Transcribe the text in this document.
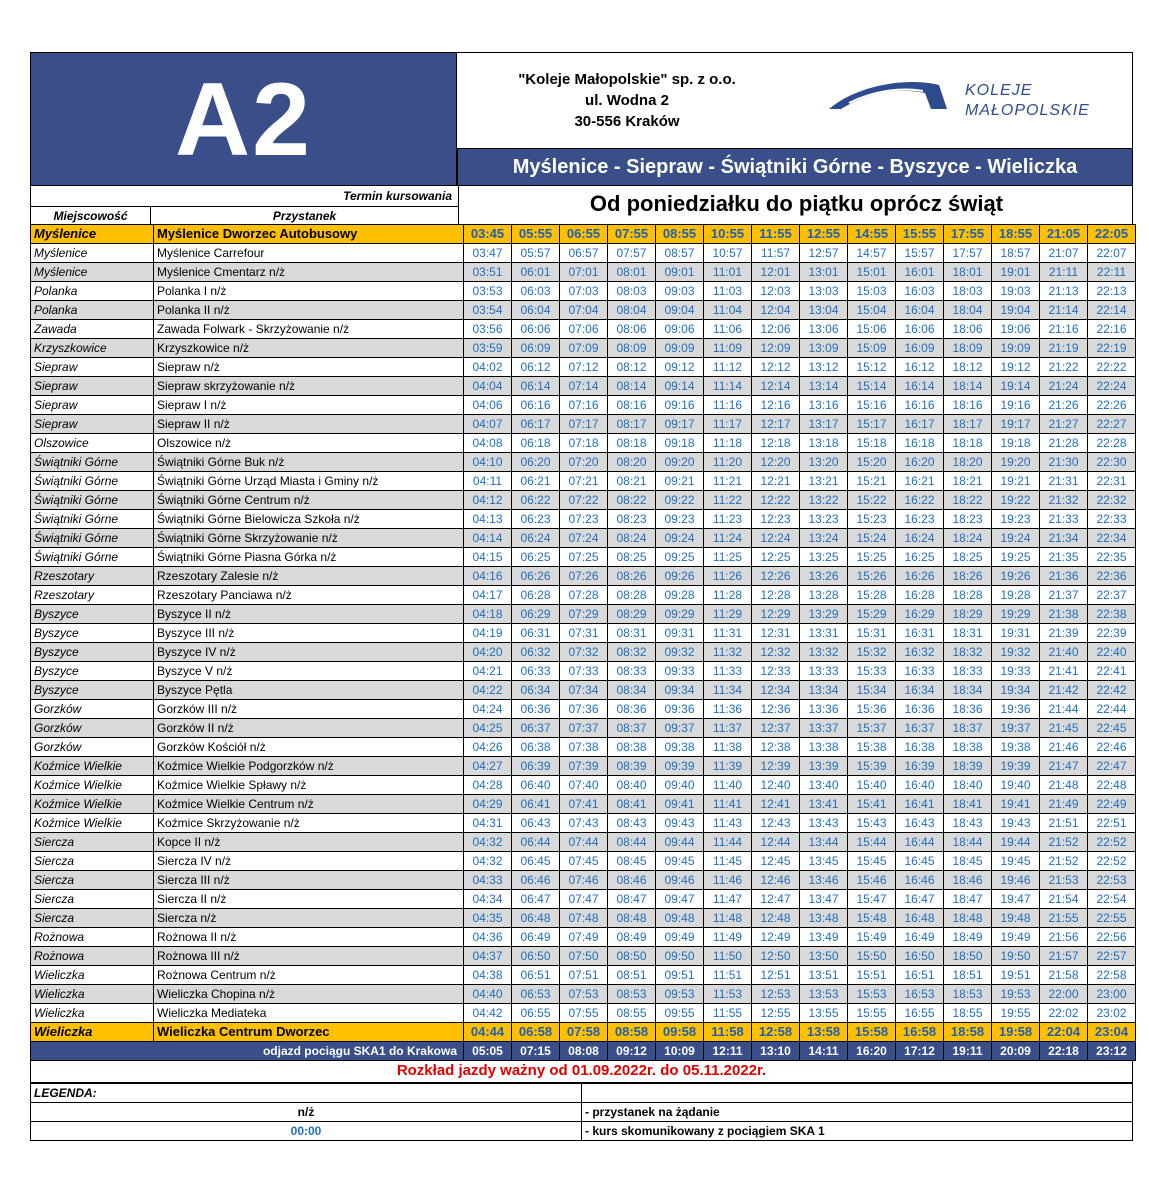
A2	"Koleje Małopolskie" sp. z o.o.
ul. Wodna 2
30-556 Kraków
KOLEJE
MAŁOPOLSKIE
Myślenice - Siepraw - Świątniki Górne - Byszyce - Wieliczka
Termin kursowania
Miejscowość	Przystanek	Od poniedziałku do piątku oprócz świąt
Myślenice	Myślenice Dworzec Autobusowy	03:45	05:55	06:55	07:55	08:55	10:55	11:55	12:55	14:55	15:55	17:55	18:55	21:05	22:05
Myślenice	Myślenice Carrefour	03:47	05:57	06:57	07:57	08:57	10:57	11:57	12:57	14:57	15:57	17:57	18:57	21:07	22:07
Myślenice	Myślenice Cmentarz n/ż	03:51	06:01	07:01	08:01	09:01	11:01	12:01	13:01	15:01	16:01	18:01	19:01	21:11	22:11
Polanka	Polanka I n/ż	03:53	06:03	07:03	08:03	09:03	11:03	12:03	13:03	15:03	16:03	18:03	19:03	21:13	22:13
Polanka	Polanka II n/ż	03:54	06:04	07:04	08:04	09:04	11:04	12:04	13:04	15:04	16:04	18:04	19:04	21:14	22:14
Zawada	Zawada Folwark - Skrzyżowanie n/ż	03:56	06:06	07:06	08:06	09:06	11:06	12:06	13:06	15:06	16:06	18:06	19:06	21:16	22:16
Krzyszkowice	Krzyszkowice n/ż	03:59	06:09	07:09	08:09	09:09	11:09	12:09	13:09	15:09	16:09	18:09	19:09	21:19	22:19
Siepraw	Siepraw n/ż	04:02	06:12	07:12	08:12	09:12	11:12	12:12	13:12	15:12	16:12	18:12	19:12	21:22	22:22
Siepraw	Siepraw skrzyżowanie n/ż	04:04	06:14	07:14	08:14	09:14	11:14	12:14	13:14	15:14	16:14	18:14	19:14	21:24	22:24
Siepraw	Siepraw I n/ż	04:06	06:16	07:16	08:16	09:16	11:16	12:16	13:16	15:16	16:16	18:16	19:16	21:26	22:26
Siepraw	Siepraw II n/ż	04:07	06:17	07:17	08:17	09:17	11:17	12:17	13:17	15:17	16:17	18:17	19:17	21:27	22:27
Olszowice	Olszowice n/ż	04:08	06:18	07:18	08:18	09:18	11:18	12:18	13:18	15:18	16:18	18:18	19:18	21:28	22:28
Świątniki Górne	Świątniki Górne Buk n/ż	04:10	06:20	07:20	08:20	09:20	11:20	12:20	13:20	15:20	16:20	18:20	19:20	21:30	22:30
Świątniki Górne	Świątniki Górne Urząd Miasta i Gminy n/ż	04:11	06:21	07:21	08:21	09:21	11:21	12:21	13:21	15:21	16:21	18:21	19:21	21:31	22:31
Świątniki Górne	Świątniki Górne Centrum n/ż	04:12	06:22	07:22	08:22	09:22	11:22	12:22	13:22	15:22	16:22	18:22	19:22	21:32	22:32
Świątniki Górne	Świątniki Górne Bielowicza Szkoła n/ż	04:13	06:23	07:23	08:23	09:23	11:23	12:23	13:23	15:23	16:23	18:23	19:23	21:33	22:33
Świątniki Górne	Świątniki Górne Skrzyżowanie n/ż	04:14	06:24	07:24	08:24	09:24	11:24	12:24	13:24	15:24	16:24	18:24	19:24	21:34	22:34
Świątniki Górne	Świątniki Górne Piasna Górka n/ż	04:15	06:25	07:25	08:25	09:25	11:25	12:25	13:25	15:25	16:25	18:25	19:25	21:35	22:35
Rzeszotary	Rzeszotary Zalesie n/ż	04:16	06:26	07:26	08:26	09:26	11:26	12:26	13:26	15:26	16:26	18:26	19:26	21:36	22:36
Rzeszotary	Rzeszotary Panciawa n/ż	04:17	06:28	07:28	08:28	09:28	11:28	12:28	13:28	15:28	16:28	18:28	19:28	21:37	22:37
Byszyce	Byszyce II n/ż	04:18	06:29	07:29	08:29	09:29	11:29	12:29	13:29	15:29	16:29	18:29	19:29	21:38	22:38
Byszyce	Byszyce III n/ż	04:19	06:31	07:31	08:31	09:31	11:31	12:31	13:31	15:31	16:31	18:31	19:31	21:39	22:39
Byszyce	Byszyce IV n/ż	04:20	06:32	07:32	08:32	09:32	11:32	12:32	13:32	15:32	16:32	18:32	19:32	21:40	22:40
Byszyce	Byszyce V n/ż	04:21	06:33	07:33	08:33	09:33	11:33	12:33	13:33	15:33	16:33	18:33	19:33	21:41	22:41
Byszyce	Byszyce Pętla	04:22	06:34	07:34	08:34	09:34	11:34	12:34	13:34	15:34	16:34	18:34	19:34	21:42	22:42
Gorzków	Gorzków III n/ż	04:24	06:36	07:36	08:36	09:36	11:36	12:36	13:36	15:36	16:36	18:36	19:36	21:44	22:44
Gorzków	Gorzków II n/ż	04:25	06:37	07:37	08:37	09:37	11:37	12:37	13:37	15:37	16:37	18:37	19:37	21:45	22:45
Gorzków	Gorzków Kościół n/ż	04:26	06:38	07:38	08:38	09:38	11:38	12:38	13:38	15:38	16:38	18:38	19:38	21:46	22:46
Koźmice Wielkie	Koźmice Wielkie Podgorzków n/ż	04:27	06:39	07:39	08:39	09:39	11:39	12:39	13:39	15:39	16:39	18:39	19:39	21:47	22:47
Koźmice Wielkie	Koźmice Wielkie Spławy n/ż	04:28	06:40	07:40	08:40	09:40	11:40	12:40	13:40	15:40	16:40	18:40	19:40	21:48	22:48
Koźmice Wielkie	Koźmice Wielkie Centrum n/ż	04:29	06:41	07:41	08:41	09:41	11:41	12:41	13:41	15:41	16:41	18:41	19:41	21:49	22:49
Koźmice Wielkie	Koźmice Skrzyżowanie n/ż	04:31	06:43	07:43	08:43	09:43	11:43	12:43	13:43	15:43	16:43	18:43	19:43	21:51	22:51
Siercza	Kopce II n/ż	04:32	06:44	07:44	08:44	09:44	11:44	12:44	13:44	15:44	16:44	18:44	19:44	21:52	22:52
Siercza	Siercza IV n/ż	04:32	06:45	07:45	08:45	09:45	11:45	12:45	13:45	15:45	16:45	18:45	19:45	21:52	22:52
Siercza	Siercza III n/ż	04:33	06:46	07:46	08:46	09:46	11:46	12:46	13:46	15:46	16:46	18:46	19:46	21:53	22:53
Siercza	Siercza II n/ż	04:34	06:47	07:47	08:47	09:47	11:47	12:47	13:47	15:47	16:47	18:47	19:47	21:54	22:54
Siercza	Siercza n/ż	04:35	06:48	07:48	08:48	09:48	11:48	12:48	13:48	15:48	16:48	18:48	19:48	21:55	22:55
Rożnowa	Rożnowa II n/ż	04:36	06:49	07:49	08:49	09:49	11:49	12:49	13:49	15:49	16:49	18:49	19:49	21:56	22:56
Rożnowa	Rożnowa III n/ż	04:37	06:50	07:50	08:50	09:50	11:50	12:50	13:50	15:50	16:50	18:50	19:50	21:57	22:57
Wieliczka	Rożnowa Centrum n/ż	04:38	06:51	07:51	08:51	09:51	11:51	12:51	13:51	15:51	16:51	18:51	19:51	21:58	22:58
Wieliczka	Wieliczka Chopina n/ż	04:40	06:53	07:53	08:53	09:53	11:53	12:53	13:53	15:53	16:53	18:53	19:53	22:00	23:00
Wieliczka	Wieliczka Mediateka	04:42	06:55	07:55	08:55	09:55	11:55	12:55	13:55	15:55	16:55	18:55	19:55	22:02	23:02
Wieliczka	Wieliczka Centrum Dworzec	04:44	06:58	07:58	08:58	09:58	11:58	12:58	13:58	15:58	16:58	18:58	19:58	22:04	23:04
odjazd pociągu SKA1 do Krakowa		05:05	07:15	08:08	09:12	10:09	12:11	13:10	14:11	16:20	17:12	19:11	20:09	22:18	23:12
Rozkład jazdy ważny od 01.09.2022r. do 05.11.2022r.
LEGENDA:	
n/ż	- przystanek na żądanie
00:00	- kurs skomunikowany z pociągiem SKA 1
